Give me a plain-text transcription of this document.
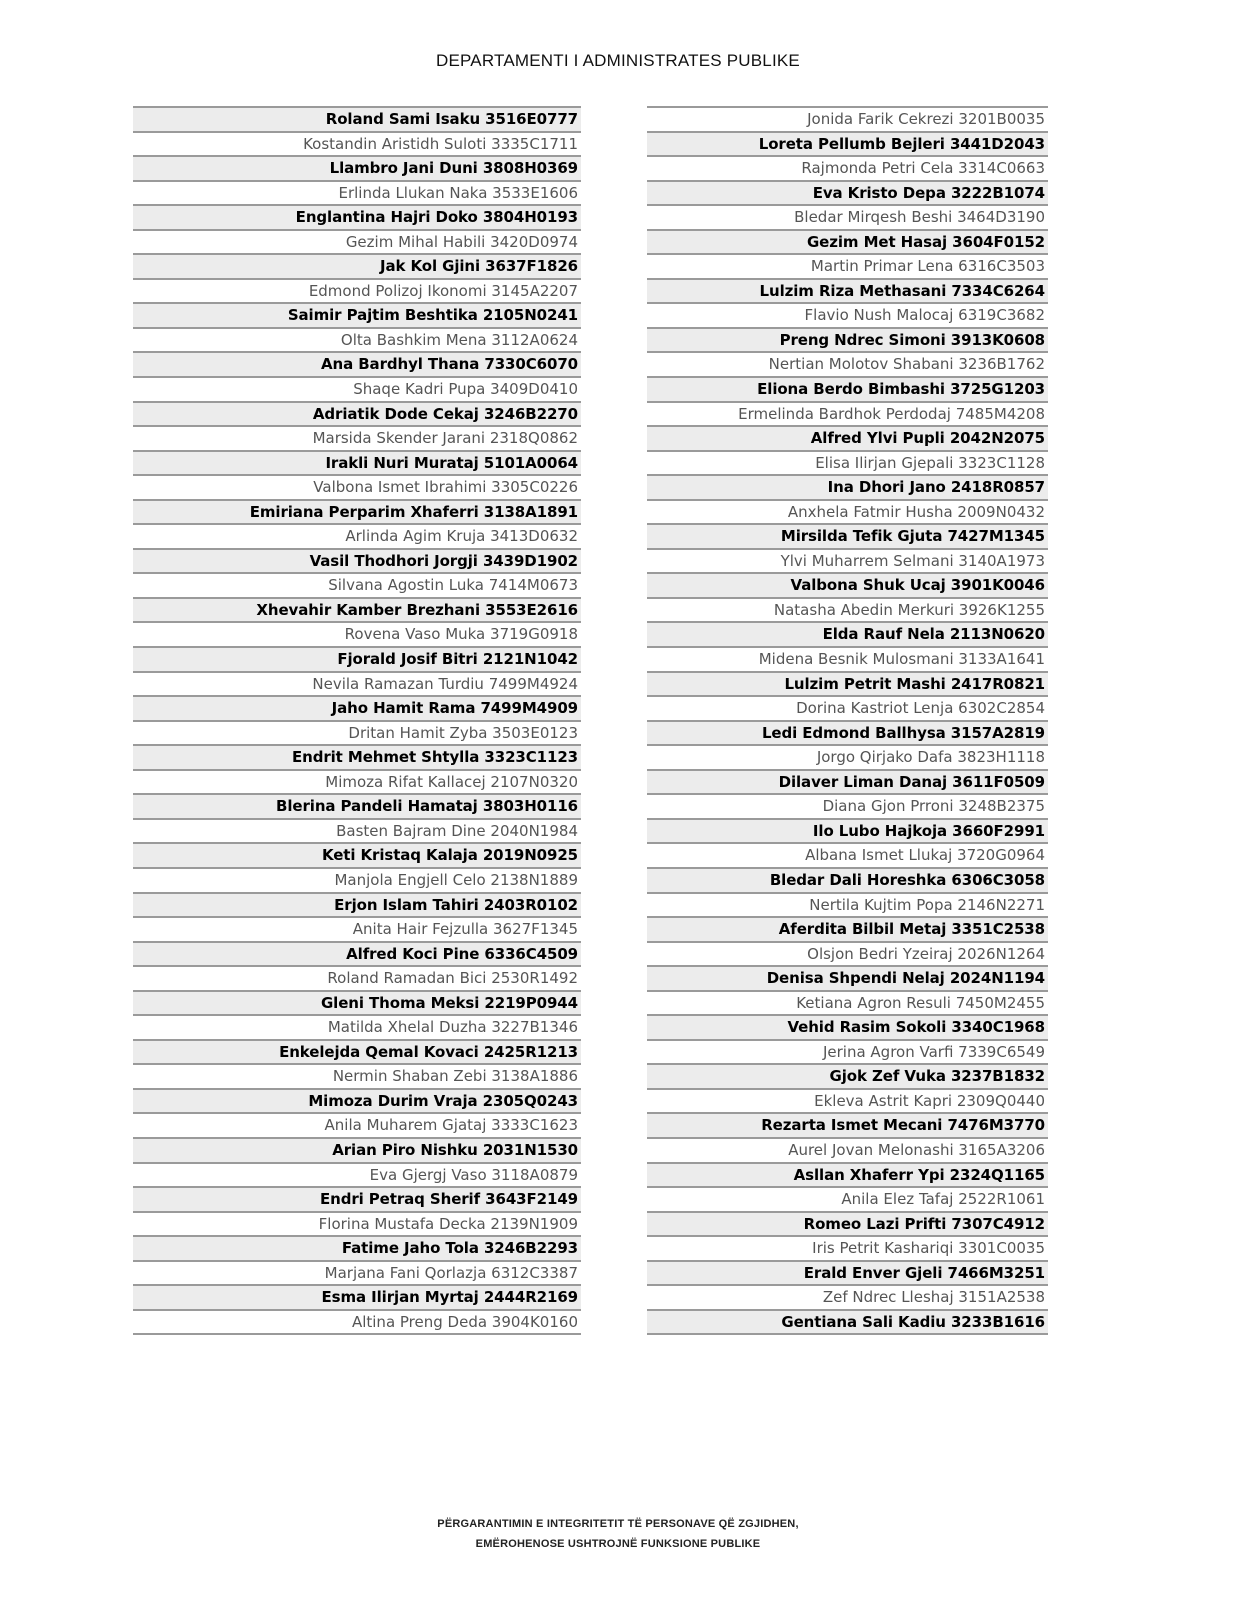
DEPARTAMENTI I ADMINISTRATES PUBLIKE
Roland Sami Isaku 3516E0777
Kostandin Aristidh Suloti 3335C1711
Llambro Jani Duni 3808H0369
Erlinda Llukan Naka 3533E1606
Englantina Hajri Doko 3804H0193
Gezim Mihal Habili 3420D0974
Jak Kol Gjini 3637F1826
Edmond Polizoj Ikonomi 3145A2207
Saimir Pajtim Beshtika 2105N0241
Olta Bashkim Mena 3112A0624
Ana Bardhyl Thana 7330C6070
Shaqe Kadri Pupa 3409D0410
Adriatik Dode Cekaj 3246B2270
Marsida Skender Jarani 2318Q0862
Irakli Nuri Murataj 5101A0064
Valbona Ismet Ibrahimi 3305C0226
Emiriana Perparim Xhaferri 3138A1891
Arlinda Agim Kruja 3413D0632
Vasil Thodhori Jorgji 3439D1902
Silvana Agostin Luka 7414M0673
Xhevahir Kamber Brezhani 3553E2616
Rovena Vaso Muka 3719G0918
Fjorald Josif Bitri 2121N1042
Nevila Ramazan Turdiu 7499M4924
Jaho Hamit Rama 7499M4909
Dritan Hamit Zyba 3503E0123
Endrit Mehmet Shtylla 3323C1123
Mimoza Rifat Kallacej 2107N0320
Blerina Pandeli Hamataj 3803H0116
Basten Bajram Dine 2040N1984
Keti Kristaq Kalaja 2019N0925
Manjola Engjell Celo 2138N1889
Erjon Islam Tahiri 2403R0102
Anita Hair Fejzulla 3627F1345
Alfred Koci Pine 6336C4509
Roland Ramadan Bici 2530R1492
Gleni Thoma Meksi 2219P0944
Matilda Xhelal Duzha 3227B1346
Enkelejda Qemal Kovaci 2425R1213
Nermin Shaban Zebi 3138A1886
Mimoza Durim Vraja 2305Q0243
Anila Muharem Gjataj 3333C1623
Arian Piro Nishku 2031N1530
Eva Gjergj Vaso 3118A0879
Endri Petraq Sherif 3643F2149
Florina Mustafa Decka 2139N1909
Fatime Jaho Tola 3246B2293
Marjana Fani Qorlazja 6312C3387
Esma Ilirjan Myrtaj 2444R2169
Altina Preng Deda 3904K0160
Jonida Farik Cekrezi 3201B0035
Loreta Pellumb Bejleri 3441D2043
Rajmonda Petri Cela 3314C0663
Eva Kristo Depa 3222B1074
Bledar Mirqesh Beshi 3464D3190
Gezim Met Hasaj 3604F0152
Martin Primar Lena 6316C3503
Lulzim Riza Methasani 7334C6264
Flavio Nush Malocaj 6319C3682
Preng Ndrec Simoni 3913K0608
Nertian Molotov Shabani 3236B1762
Eliona Berdo Bimbashi 3725G1203
Ermelinda Bardhok Perdodaj 7485M4208
Alfred Ylvi Pupli 2042N2075
Elisa Ilirjan Gjepali 3323C1128
Ina Dhori Jano 2418R0857
Anxhela Fatmir Husha 2009N0432
Mirsilda Tefik Gjuta 7427M1345
Ylvi Muharrem Selmani 3140A1973
Valbona Shuk Ucaj 3901K0046
Natasha Abedin Merkuri 3926K1255
Elda Rauf Nela 2113N0620
Midena Besnik Mulosmani 3133A1641
Lulzim Petrit Mashi 2417R0821
Dorina Kastriot Lenja 6302C2854
Ledi Edmond Ballhysa 3157A2819
Jorgo Qirjako Dafa 3823H1118
Dilaver Liman Danaj 3611F0509
Diana Gjon Prroni 3248B2375
Ilo Lubo Hajkoja 3660F2991
Albana Ismet Llukaj 3720G0964
Bledar Dali Horeshka 6306C3058
Nertila Kujtim Popa 2146N2271
Aferdita Bilbil Metaj 3351C2538
Olsjon Bedri Yzeiraj 2026N1264
Denisa Shpendi Nelaj 2024N1194
Ketiana Agron Resuli 7450M2455
Vehid Rasim Sokoli 3340C1968
Jerina Agron Varfi 7339C6549
Gjok Zef Vuka 3237B1832
Ekleva Astrit Kapri 2309Q0440
Rezarta Ismet Mecani 7476M3770
Aurel Jovan Melonashi 3165A3206
Asllan Xhaferr Ypi 2324Q1165
Anila Elez Tafaj 2522R1061
Romeo Lazi Prifti 7307C4912
Iris Petrit Kashariqi 3301C0035
Erald Enver Gjeli 7466M3251
Zef Ndrec Lleshaj 3151A2538
Gentiana Sali Kadiu 3233B1616
PËRGARANTIMIN E INTEGRITETIT TË PERSONAVE QË ZGJIDHEN,
EMËROHENOSE USHTROJNË FUNKSIONE PUBLIKE
